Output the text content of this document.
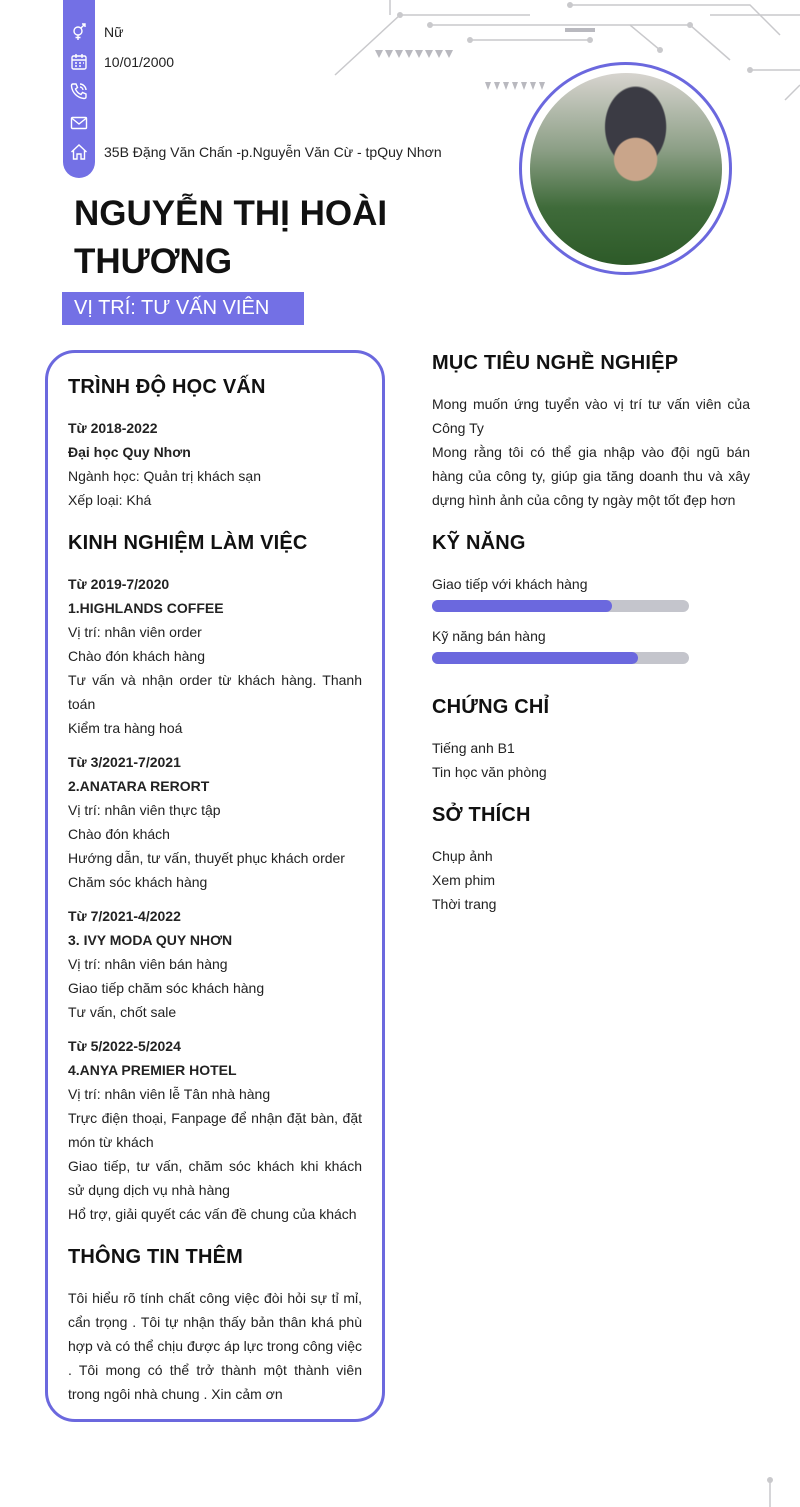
Nữ
10/01/2000
35B Đặng Văn Chấn -p.Nguyễn Văn Cừ - tpQuy Nhơn
NGUYỄN THỊ HOÀI THƯƠNG
VỊ TRÍ: TƯ VẤN VIÊN
TRÌNH ĐỘ HỌC VẤN
Từ 2018-2022
Đại học Quy Nhơn
Ngành học: Quản trị khách sạn
Xếp loại: Khá
KINH NGHIỆM LÀM VIỆC
Từ 2019-7/2020
1.HIGHLANDS COFFEE
Vị trí: nhân viên order
Chào đón khách hàng
Tư vấn và nhận order từ khách hàng. Thanh toán
Kiểm tra hàng hoá
Từ 3/2021-7/2021
2.ANATARA RERORT
Vị trí: nhân viên thực tập
Chào đón khách
Hướng dẫn, tư vấn, thuyết phục khách order
Chăm sóc khách hàng
Từ 7/2021-4/2022
3. IVY MODA QUY NHƠN
Vị trí: nhân viên bán hàng
Giao tiếp chăm sóc khách hàng
Tư vấn, chốt sale
Từ 5/2022-5/2024
4.ANYA PREMIER HOTEL
Vị trí: nhân viên lễ Tân nhà hàng
Trực điện thoại, Fanpage để nhận đặt bàn, đặt món từ khách
Giao tiếp, tư vấn, chăm sóc khách khi khách sử dụng dịch vụ nhà hàng
Hổ trợ, giải quyết các vấn đề chung của khách
THÔNG TIN THÊM
Tôi hiểu rõ tính chất công việc đòi hỏi sự tỉ mỉ, cẩn trọng . Tôi tự nhận thấy bản thân khá phù hợp và có thể chịu được áp lực trong công việc . Tôi mong có thể trở thành một thành viên trong ngôi nhà chung . Xin cảm ơn
MỤC TIÊU NGHỀ NGHIỆP
Mong muốn ứng tuyển vào vị trí tư vấn viên của Công Ty
Mong rằng tôi có thể gia nhập vào đội ngũ bán hàng của công ty, giúp gia tăng doanh thu và xây dựng hình ảnh của công ty ngày một tốt đẹp hơn
KỸ NĂNG
Giao tiếp với khách hàng
Kỹ năng bán hàng
CHỨNG CHỈ
Tiếng anh B1
Tin học văn phòng
SỞ THÍCH
Chụp ảnh
Xem phim
Thời trang
